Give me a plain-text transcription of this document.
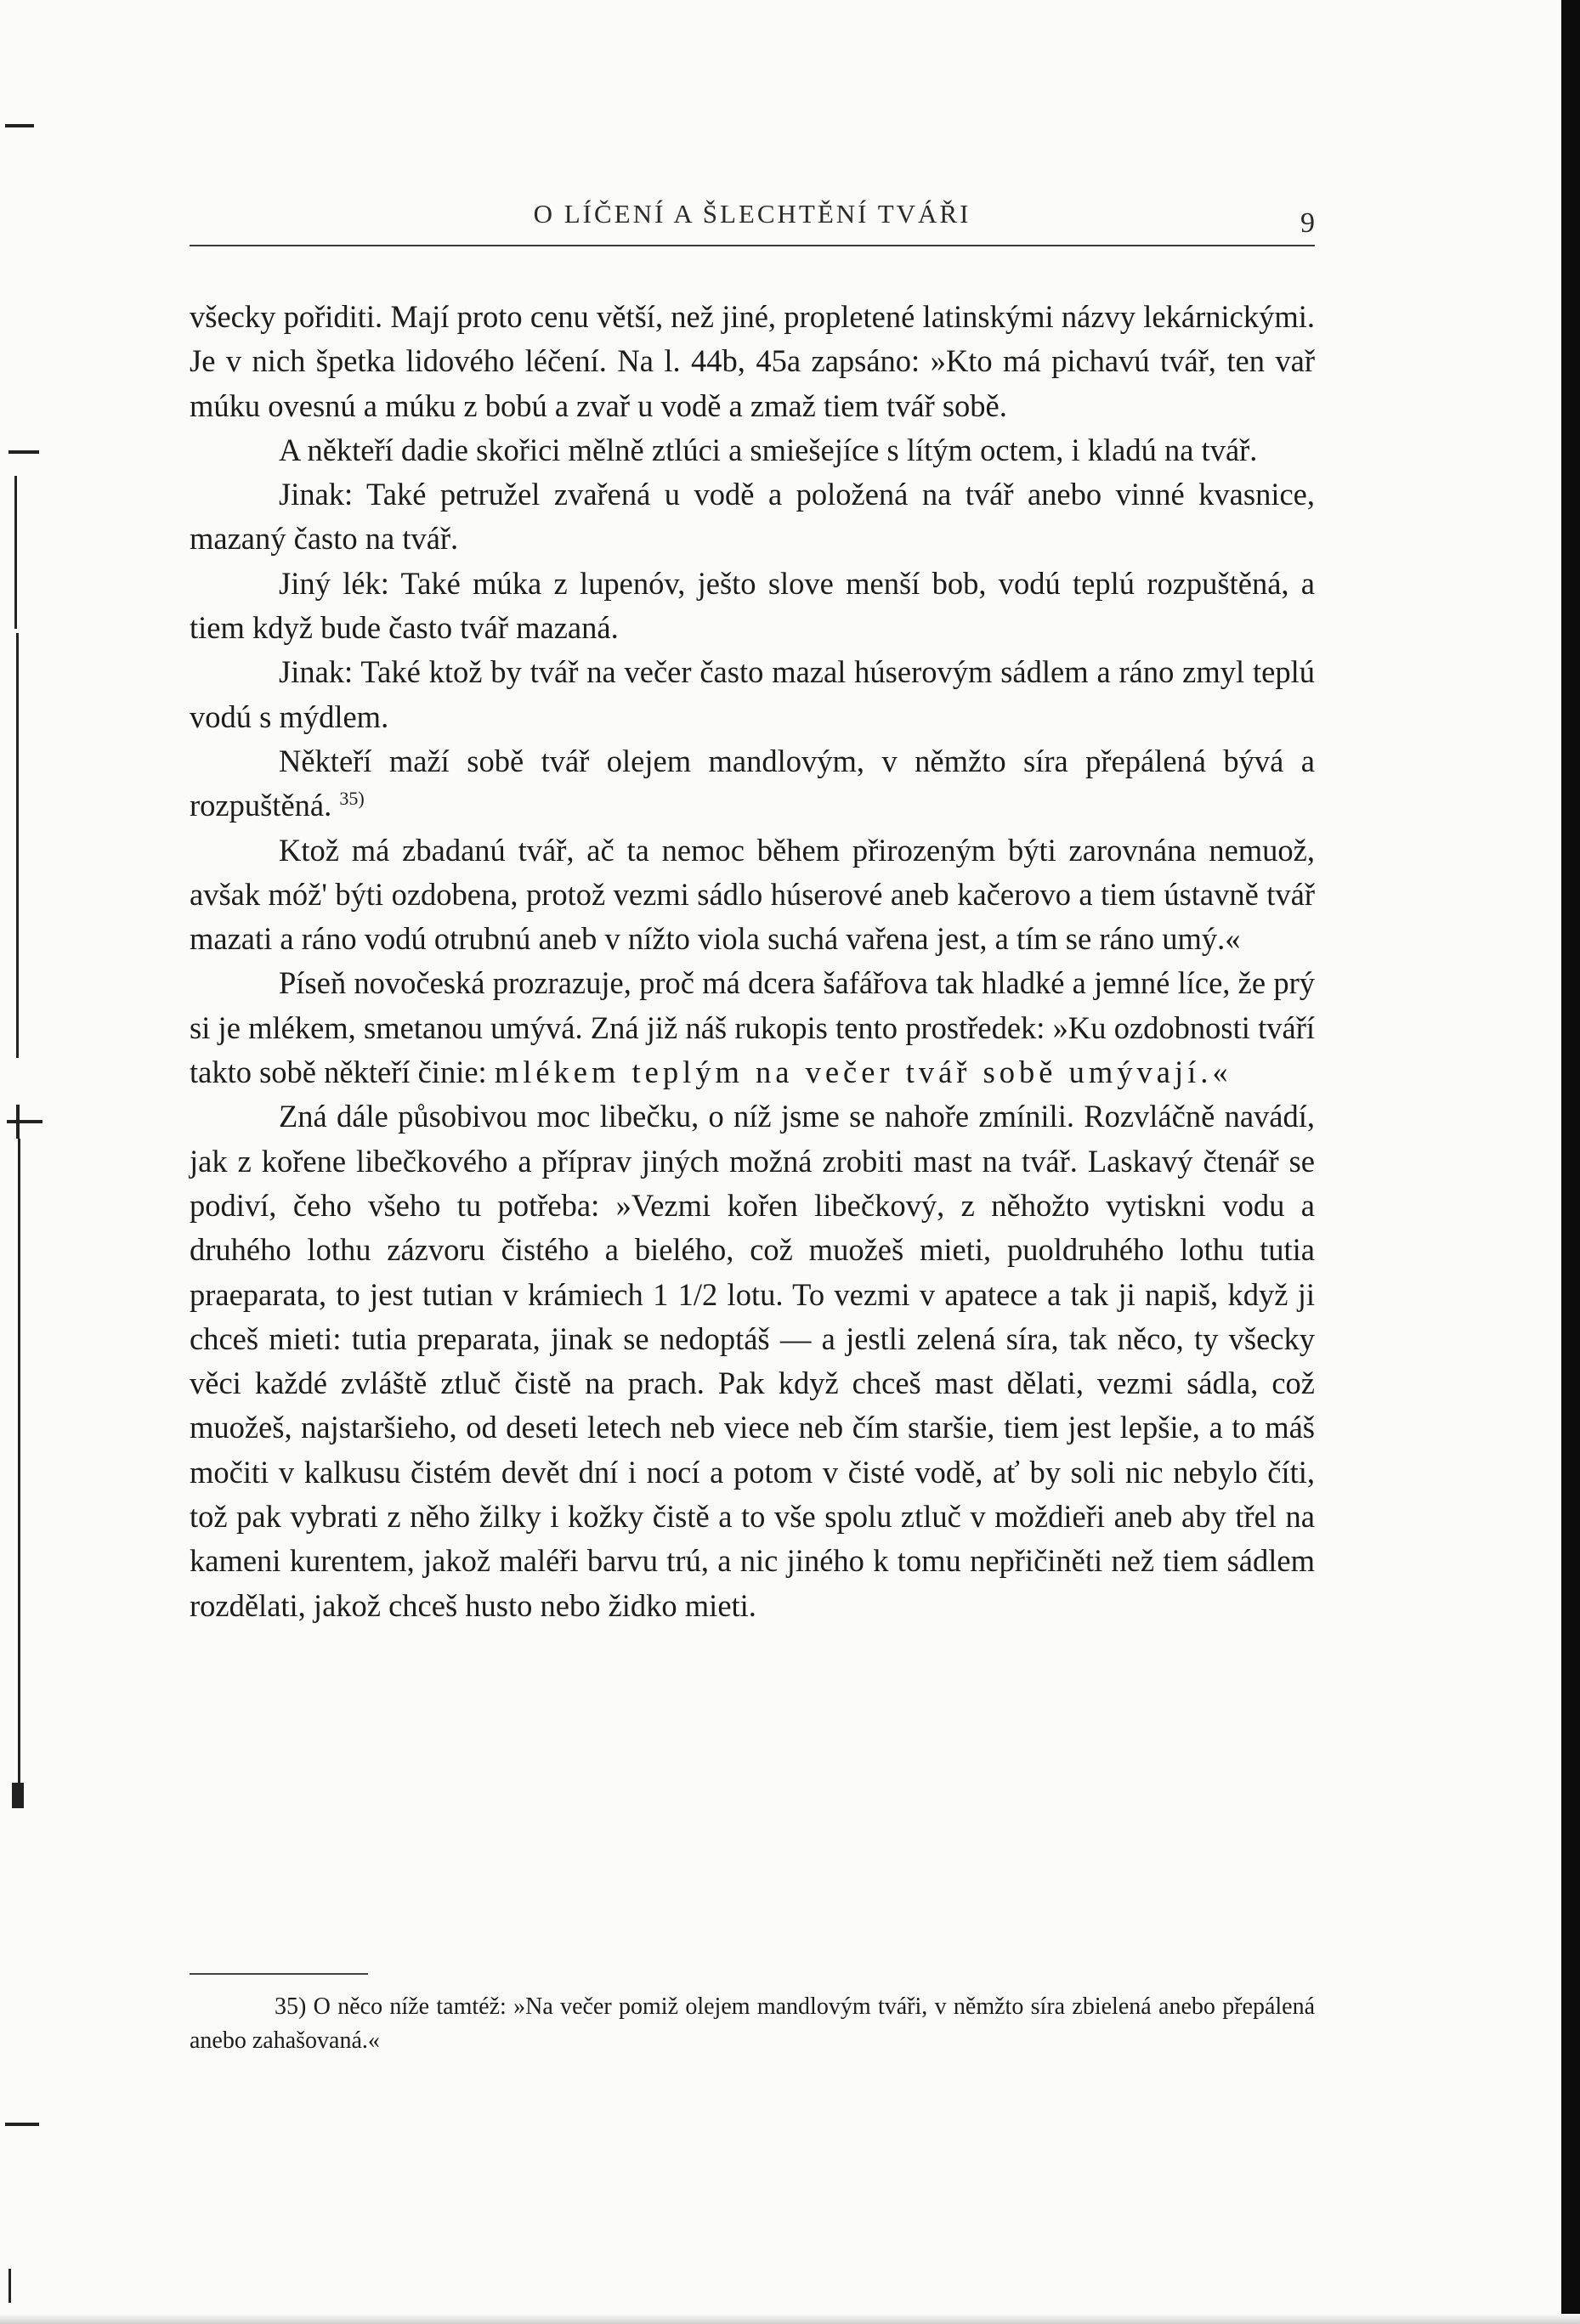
O LÍČENÍ A ŠLECHTĚNÍ TVÁŘI	9

všecky pořiditi. Mají proto cenu větší, než jiné, propletené latinskými názvy lekárnickými. Je v nich špetka lidového léčení. Na l. 44b, 45a zapsáno: »Kto má pichavú tvář, ten vař múku ovesnú a múku z bobú a zvař u vodě a zmaž tiem tvář sobě.

A někteří dadie skořici mělně ztlúci a smiešejíce s lítým octem, i kladú na tvář.

Jinak: Také petružel zvařená u vodě a položená na tvář anebo vinné kvasnice, mazaný často na tvář.

Jiný lék: Také múka z lupenóv, ješto slove menší bob, vodú teplú rozpuštěná, a tiem když bude často tvář mazaná.

Jinak: Také ktož by tvář na večer často mazal húserovým sádlem a ráno zmyl teplú vodú s mýdlem.

Někteří maží sobě tvář olejem mandlovým, v němžto síra přepálená bývá a rozpuštěná. $^{35)}$

Ktož má zbadanú tvář, ač ta nemoc během přirozeným býti zarovnána nemuož, avšak móž' býti ozdobena, protož vezmi sádlo húserové aneb kačerovo a tiem ústavně tvář mazati a ráno vodú otrubnú aneb v nížto viola suchá vařena jest, a tím se ráno umý.«

Píseň novočeská prozrazuje, proč má dcera šafářova tak hladké a jemné líce, že prý si je mlékem, smetanou umývá. Zná již náš rukopis tento prostředek: »Ku ozdobnosti tváří takto sobě někteří činie: mlékem teplým na večer tvář sobě umývají.«

Zná dále působivou moc libečku, o níž jsme se nahoře zmínili. Rozvláčně navádí, jak z kořene libečkového a příprav jiných možná zrobiti mast na tvář. Laskavý čtenář se podiví, čeho všeho tu potřeba: »Vezmi kořen libečkový, z něhožto vytiskni vodu a druhého lothu zázvoru čistého a bielého, což muožeš mieti, puoldruhého lothu tutia praeparata, to jest tutian v krámiech 1 1/2 lotu. To vezmi v apatece a tak ji napiš, když ji chceš mieti: tutia preparata, jinak se nedoptáš — a jestli zelená síra, tak něco, ty všecky věci každé zvláště ztluč čistě na prach. Pak když chceš mast dělati, vezmi sádla, což muožeš, najstaršieho, od deseti letech neb viece neb čím staršie, tiem jest lepšie, a to máš močiti v kalkusu čistém devět dní i nocí a potom v čisté vodě, ať by soli nic nebylo číti, tož pak vybrati z něho žilky i kožky čistě a to vše spolu ztluč v moždieři aneb aby třel na kameni kurentem, jakož maléři barvu trú, a nic jiného k tomu nepřičiněti než tiem sádlem rozdělati, jakož chceš husto nebo židko mieti.

35) O něco níže tamtéž: »Na večer pomiž olejem mandlovým tváři, v němžto síra zbielená anebo přepálená anebo zahašovaná.«
